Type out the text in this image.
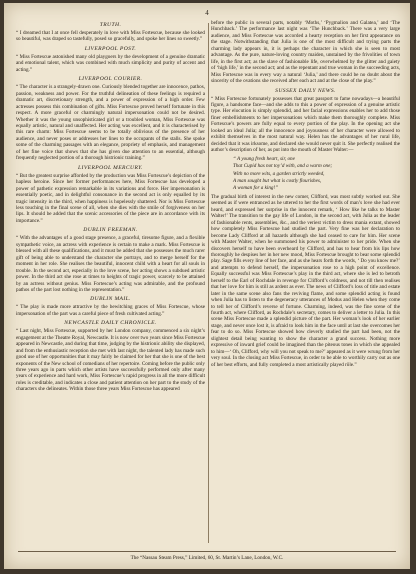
4
TRUTH.

“ I dreamed that I at once fell desperately in love with Miss Fortescue, because she looked so beautiful, was draped so tastefully, posed so gracefully, and spoke her lines so sweetly.”

LIVERPOOL POST.

“ Miss Fortescue astonished many old playgoers by the development of a genuine dramatic and emotional talent, which was combined with much simplicity and purity of accent and acting.”

LIVERPOOL COURIER.

“ The character is a strangely-drawn one. Curiously blended together are innocence, pathos, passion, weakness and power. For the truthful delineation of these feelings is required a dramatic art, discretionary strength, and a power of expression of a high order. Few actresses possess this combination of gifts. Miss Fortescue proved herself fortunate in this respect. A more graceful or charmingly natural impersonation could not be desired. Whether it was the young unsophisticated girl or a troubled woman, Miss Fortescue was equally artistic, natural and unaffected. Her acting was excellent, and it is characterised by this rare charm: Miss Fortescue seems to be totally oblivious of the presence of her audience, and never poses or addresses her lines to the occupants of the stalls. She spoke some of the charming passages with an elegance, propriety of emphasis, and management of her fine voice that shows that she has given due attention to an essential, although frequently neglected portion of a thorough histrionic training.”

LIVERPOOL MERCURY.

“ But the greatest surprise afforded by the production was Miss Fortescue’s depiction of the hapless heroine. Since her former performances here, Miss Fortescue has developed a power of pathetic expression remarkable in its variations and force. Her impersonation is essentially poetic, and in delightful consonance in the second act is only equalled by its tragic intensity in the third, when happiness is hopelessly shattered. Nor is Miss Fortescue less touching in the final scene of all, when she dies with the smile of forgiveness on her lips. It should be added that the scenic accessories of the piece are in accordance with its importance.”

DUBLIN FREEMAN.

“ With the advantages of a good stage presence, a graceful, tiresome figure, and a flexible sympathetic voice, an actress with experience is certain to make a mark. Miss Fortescue is blessed with all these qualifications, and it must be added that she possesses the much rarer gift of being able to understand the character she portrays, and to merge herself for the moment in her role. She realises the beautiful, innocent child with a heart for all souls in trouble. In the second act, especially in the love scene, her acting shows a subdued artistic power. In the third act she rose at times to heights of tragic power, scarcely to be attained by an actress without genius. Miss Fortescue’s acting was admirable, and the profound pathos of the part lost nothing in the representation.”

DUBLIN MAIL.

“ The play is made more attractive by the bewitching graces of Miss Fortescue, whose impersonation of the part was a careful piece of fresh cultivated acting.”

NEWCASTLE DAILY CHRONICLE.

“ Last night, Miss Fortescue, supported by her London company, commenced a six night’s engagement at the Theatre Royal, Newcastle. It is now over two years since Miss Fortescue appeared in Newcastle, and during that time, judging by the histrionic ability she displayed, and from the enthusiastic reception she met with last night, the talented lady has made such good use of her opportunities that it may fairly be claimed for her that she is one of the best exponents of the New school of comedians of her repertoire. Coming before the public only three years ago in parts which other artists have successfully performed only after many years of experience and hard work, Miss Fortescue’s rapid progress in all the more difficult roles is creditable, and indicates a close and patient attention on her part to the study of the characters she delineates. Within those three years Miss Fortescue has appeared

before the public in several parts, notably ‘Moths,’ ‘Pygmalion and Galatea,’ and ‘The Hunchback.’ The performance last night was ‘The Hunchback.’ There was a very large audience, and Miss Fortescue was accorded a hearty reception on her first appearance on the stage. Notwithstanding that Julia is one of the most difficult and trying parts the charming lady appears in, it is perhaps the character in which she is seen to most advantage. As the pure, nature-loving country maiden, unstained by the frivolities of town life, in the first act; as the slave of fashionable life, overwhelmed by the glitter and gaiety of ‘high life,’ in the second act; and as the repentant and true woman in the succeeding acts, Miss Fortescue was in every way a natural ‘Julia,’ and there could be no doubt about the sincerity of the ovations she received after each act and at the close of the play.”

SUSSEX DAILY NEWS.

“ Miss Fortescue fortunately possesses that great passport to fame nowadays—a beautiful figure, a handsome face—and she adds to this a power of expression of a genuine artistic type. Her elocution is simply splendid, and her facial expressions enables her to add those finer embellishments to her impersonations which make them thoroughly complete. Miss Fortescue’s powers are fully equal to every portion of the play. In the opening act she looked an ideal Julia; all the innocence and joyousness of her character were allowed to exhibit themselves in the most natural way. Helen has the advantages of her rural life, decided that it was irksome, and declared she would never quit it. She perfectly realised the author’s description of her, as put into the mouth of Master Walter:—

“ A young fresh heart, sir, one
That Cupid has not toy’d with, and a warm one;
With no more wits, a garden strictly weeded,
A man sought but what is costly flourishes,
A woman for a king!”

The gradual birth of interest in the new comer, Clifford, was most subtly worked out. She seemed as if were entranced as he uttered to her the first words of man’s love she had ever heard, and expressed her surprise in the innocent remark, ‘ How like he talks to Master Walter!’ The transition to the gay life of London, in the second act, with Julia as the leader of fashionable rents, assemblies, &c., and the veriest victim to dress mania extant, showed how completely Miss Fortescue had studied the part. Very fine was her declaration to become Lady Clifford at all hazards although she had ceased to care for him. Her scene with Master Walter, when he summoned his power to administer to her pride. When she discovers herself to have been overheard by Clifford, and has to hear from his lips how thoroughly he despises her in her new mood, Miss Fortescue brought to bear some splendid play. Sage fills every line of her face, and as she hears forth the words, ‘ Do you know me?’ and attempts to defend herself, the impersonation rose to a high point of excellence. Equally successful was Miss Fortescue’s play in the third act, where she is led to betroth herself to the Earl of Rochdale in revenge for Clifford’s coldness, and not till then realises that her love for him is still as ardent as ever. The news of Clifford’s loss of title and estate later in the same scene also fans the reviving flame, and some splendid acting is found when Julia has to listen to the degeneracy utterances of Modus and Helen when they come to tell her of Clifford’s reverse of fortune. Charming, indeed, was the fine scene of the fourth act, where Clifford, as Rochdale’s secretary, comes to deliver a letter to Julia. In this scene Miss Fortescue made a splendid picture of the part. Her woman’s look of her earlier stage, and never once lost it, is afraid to look him in the face until at last she overcomes her fear to do so. Miss Fortescue showed how cleverly studied the part had been, not the slightest detail being wanting to show the character a grand success. Nothing more expressive of inward grief could be imagined than the piteous tones in which she appealed to him—‘ Oh, Clifford, why will you not speak to me?’ appeared as it were wrung from her very soul. In the closing act Miss Fortescue, in order to be able to worthily carry out as one of her best efforts, and fully completed a most artistically played rôle.”

The “Nassau Steam Press,” Limited, 60, St. Martin’s Lane, London, W.C.
